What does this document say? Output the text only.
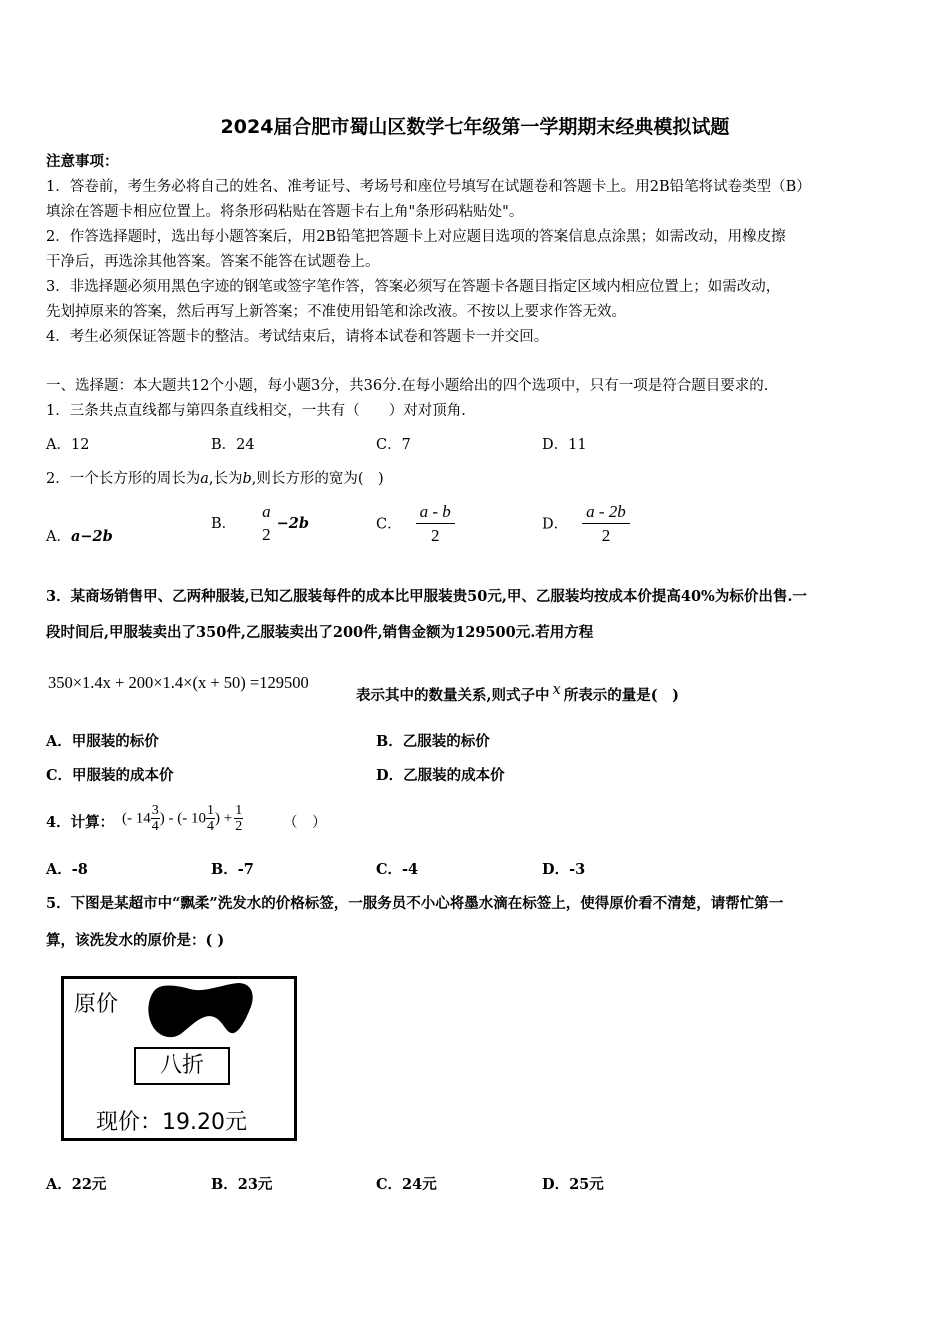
2024届合肥市蜀山区数学七年级第一学期期末经典模拟试题
注意事项：
1．答卷前，考生务必将自己的姓名、准考证号、考场号和座位号填写在试题卷和答题卡上。用2B铅笔将试卷类型（B）
填涂在答题卡相应位置上。将条形码粘贴在答题卡右上角"条形码粘贴处"。
2．作答选择题时，选出每小题答案后，用2B铅笔把答题卡上对应题目选项的答案信息点涂黑；如需改动，用橡皮擦
干净后，再选涂其他答案。答案不能答在试题卷上。
3．非选择题必须用黑色字迹的钢笔或签字笔作答，答案必须写在答题卡各题目指定区域内相应位置上；如需改动，
先划掉原来的答案，然后再写上新答案；不准使用铅笔和涂改液。不按以上要求作答无效。
4．考生必须保证答题卡的整洁。考试结束后，请将本试卷和答题卡一并交回。
一、选择题：本大题共12个小题，每小题3分，共36分.在每小题给出的四个选项中，只有一项是符合题目要求的.
1．三条共点直线都与第四条直线相交，一共有（　　）对对顶角.
A．12	B．24	C．7	D．11
2．一个长方形的周长为a,长为b,则长方形的宽为(　)
A．a−2b
B．
a
2
−2b	C． $\frac{a - b}{2}$	D． $\frac{a - 2b}{2}$
3．某商场销售甲、乙两种服装,已知乙服装每件的成本比甲服装贵50元,甲、乙服装均按成本价提高40%为标价出售.一
段时间后,甲服装卖出了350件,乙服装卖出了200件,销售金额为129500元.若用方程
350×1.4x + 200×1.4×(x + 50) =129500
表示其中的数量关系,则式子中 x 所表示的量是(　)
A．甲服装的标价	B．乙服装的标价
C．甲服装的成本价	D．乙服装的成本价
4．计算： (- $14 \frac{3}{4}$ ) - (- $10 \frac{1}{4}$ ) + $\frac{1}{2}$	（　）
A．-8	B．-7	C．-4	D．-3
5．下图是某超市中“飘柔”洗发水的价格标签，一服务员不小心将墨水滴在标签上，使得原价看不清楚，请帮忙第一
算，该洗发水的原价是：( )
原价
八折
现价：19.20元
A．22元	B．23元	C．24元	D．25元
